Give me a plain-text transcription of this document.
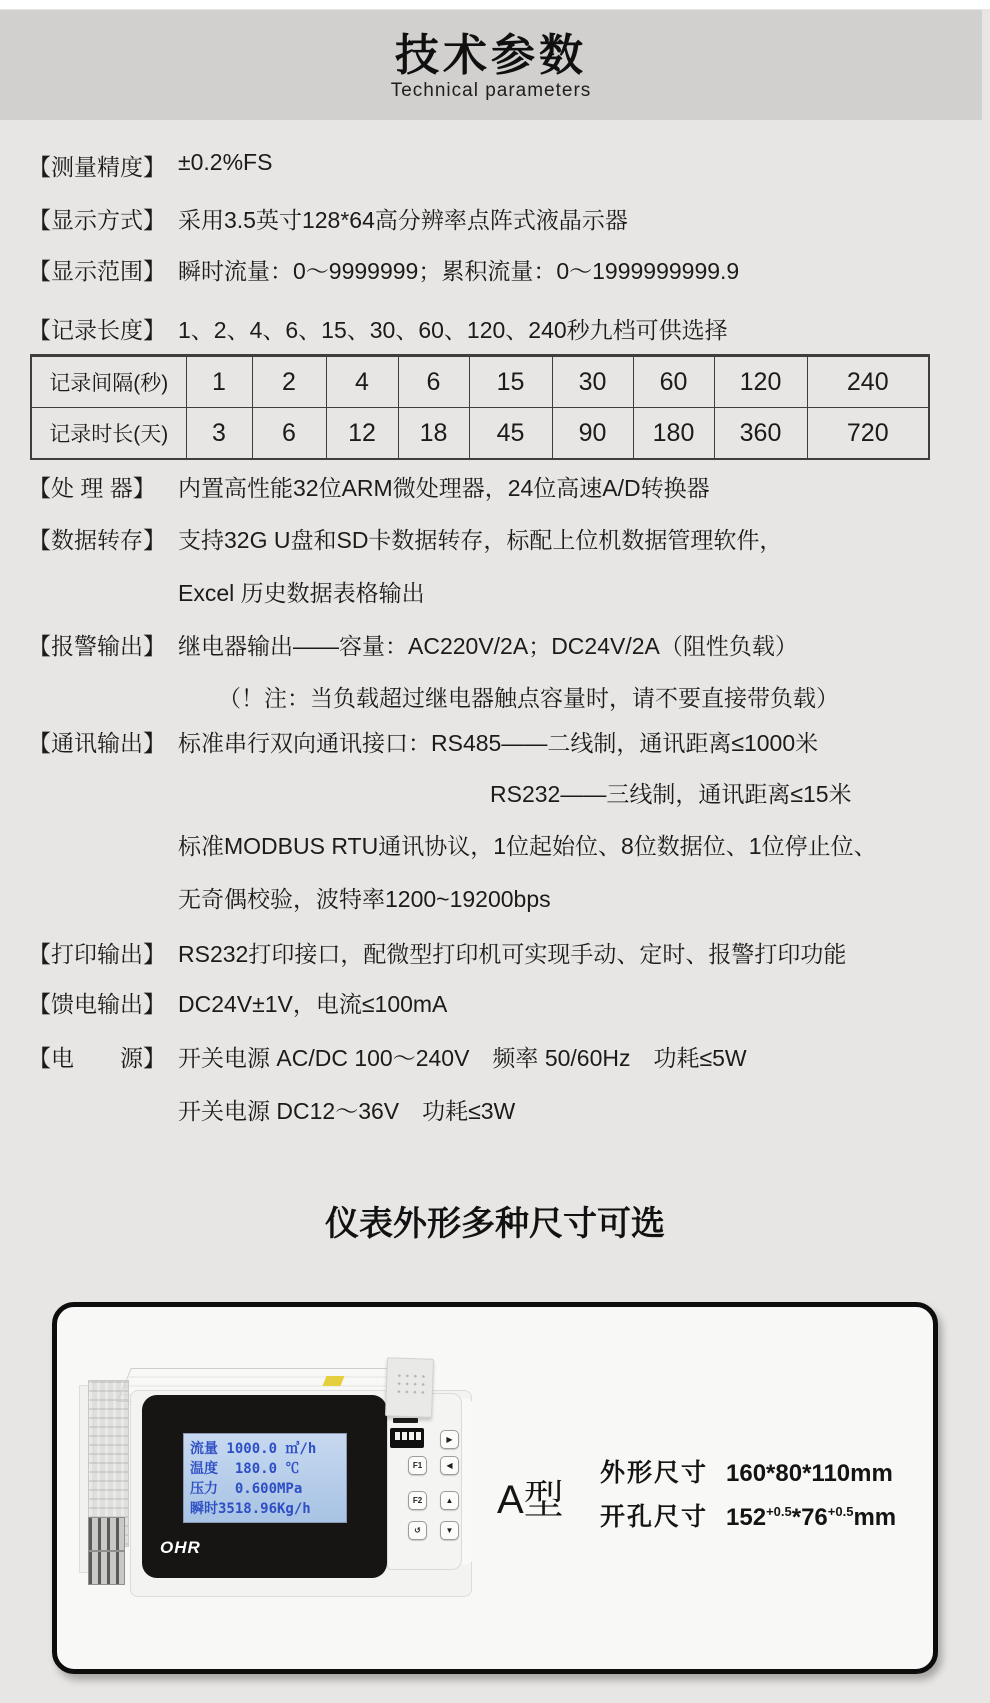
技术参数
Technical parameters

【测量精度】

±0.2%FS

【显示方式】

采用3.5英寸128*64高分辨率点阵式液晶示器

【显示范围】

瞬时流量：0～9999999；累积流量：0～1999999999.9

【记录长度】

1、2、4、6、15、30、60、120、240秒九档可供选择

记录间隔(秒)	1	2	4	6	15	30	60	120	240
记录时长(天)	3	6	12	18	45	90	180	360	720

【处 理 器】

内置高性能32位ARM微处理器，24位高速A/D转换器

【数据转存】

支持32G U盘和SD卡数据转存，标配上位机数据管理软件，

Excel 历史数据表格输出

【报警输出】

继电器输出——容量：AC220V/2A；DC24V/2A（阻性负载）

（！注：当负载超过继电器触点容量时，请不要直接带负载）

【通讯输出】

标准串行双向通讯接口：RS485——二线制，通讯距离≤1000米

RS232——三线制，通讯距离≤15米

标准MODBUS RTU通讯协议，1位起始位、8位数据位、1位停止位、

无奇偶校验，波特率1200~19200bps

【打印输出】

RS232打印接口，配微型打印机可实现手动、定时、报警打印功能

【馈电输出】

DC24V±1V，电流≤100mA

【电　　源】

开关电源 AC/DC 100～240V　频率 50/60Hz　功耗≤5W

开关电源 DC12～36V　功耗≤3W

仪表外形多种尺寸可选
流量 1000.0 ㎥/h
温度  180.0 ℃
压力  0.600MPa
瞬时3518.96Kg/h
OHR
F1
F2
↺
▶
◀
▲
▼
A型
外形尺寸 160*80*110mm
开孔尺寸 $152^{+0.5}*76^{+0.5}mm$
